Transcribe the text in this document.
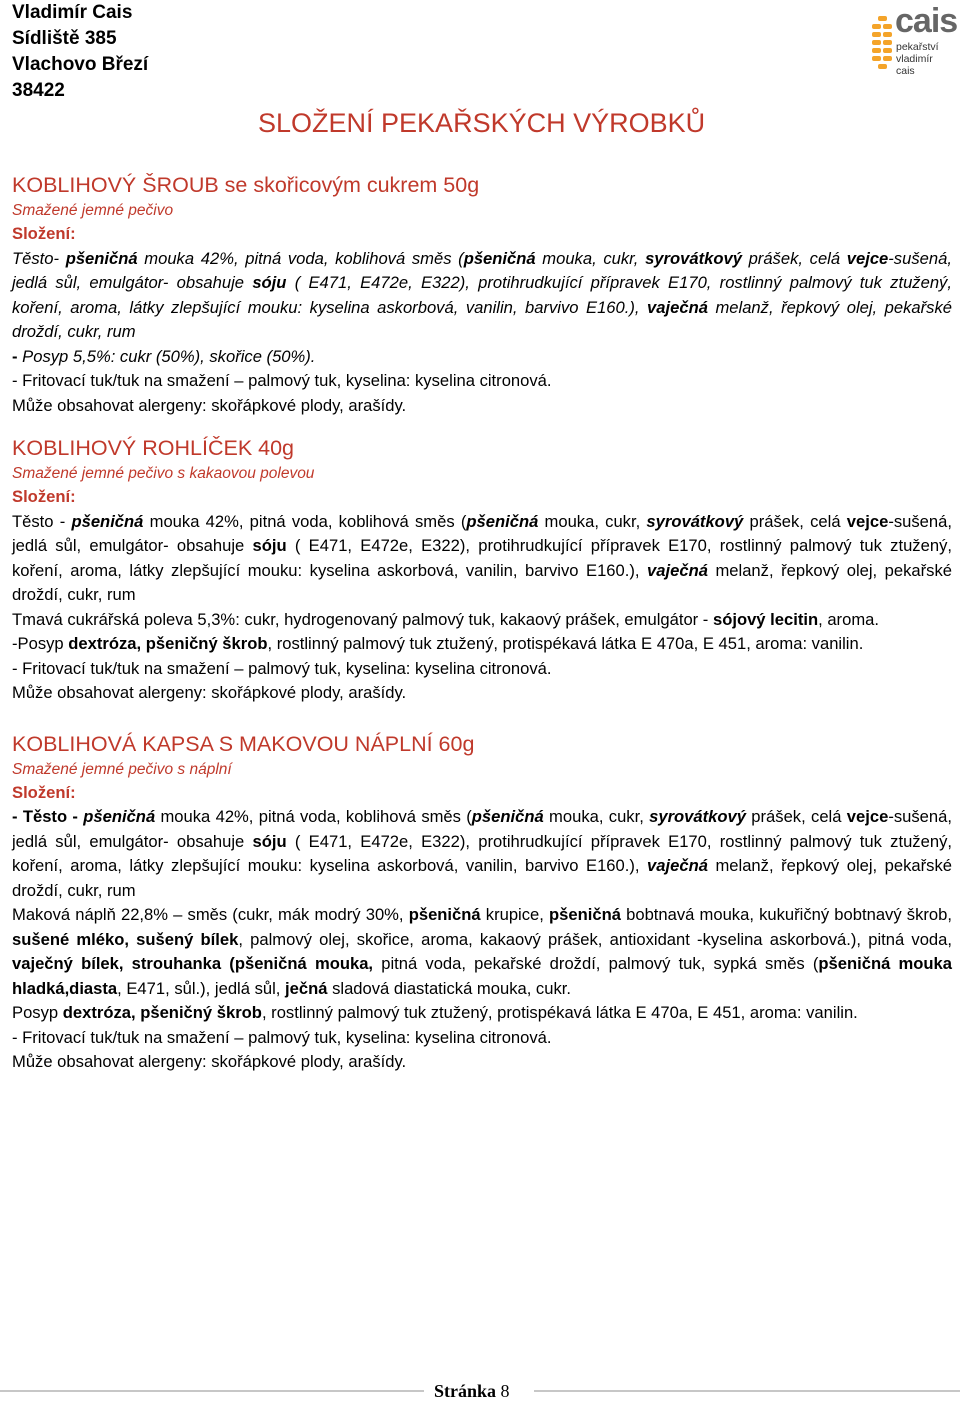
Vladimír Cais
Sídliště 385
Vlachovo Březí
38422
cais
pekařství
vladimír
cais
SLOŽENÍ PEKAŘSKÝCH VÝROBKŮ
KOBLIHOVÝ ŠROUB se skořicovým cukrem 50g
Smažené jemné pečivo
Složení:
Těsto- pšeničná mouka 42%, pitná voda, koblihová směs (pšeničná mouka, cukr, syrovátkový prášek, celá vejce-sušená, jedlá sůl, emulgátor- obsahuje sóju ( E471, E472e, E322), protihrudkující přípravek E170, rostlinný palmový tuk ztužený, koření, aroma, látky zlepšující mouku: kyselina askorbová, vanilin, barvivo E160.), vaječná melanž, řepkový olej, pekařské droždí, cukr, rum
- Posyp 5,5%: cukr (50%), skořice (50%).
- Fritovací tuk/tuk na smažení – palmový tuk, kyselina: kyselina citronová.
Může obsahovat alergeny: skořápkové plody, arašídy.
KOBLIHOVÝ ROHLÍČEK 40g
Smažené jemné pečivo s kakaovou polevou
Složení:
Těsto - pšeničná mouka 42%, pitná voda, koblihová směs (pšeničná mouka, cukr, syrovátkový prášek, celá vejce-sušená, jedlá sůl, emulgátor- obsahuje sóju ( E471, E472e, E322), protihrudkující přípravek E170, rostlinný palmový tuk ztužený, koření, aroma, látky zlepšující mouku: kyselina askorbová, vanilin, barvivo E160.), vaječná melanž, řepkový olej, pekařské droždí, cukr, rum
Tmavá cukrářská poleva 5,3%: cukr, hydrogenovaný palmový tuk, kakaový prášek, emulgátor - sójový lecitin, aroma.
-Posyp dextróza, pšeničný škrob, rostlinný palmový tuk ztužený, protispékavá látka E 470a, E 451, aroma: vanilin.
- Fritovací tuk/tuk na smažení – palmový tuk, kyselina: kyselina citronová.
Může obsahovat alergeny: skořápkové plody, arašídy.
KOBLIHOVÁ KAPSA S MAKOVOU NÁPLNÍ 60g
Smažené jemné pečivo s náplní
Složení:
- Těsto - pšeničná mouka 42%, pitná voda, koblihová směs (pšeničná mouka, cukr, syrovátkový prášek, celá vejce-sušená, jedlá sůl, emulgátor- obsahuje sóju ( E471, E472e, E322), protihrudkující přípravek E170, rostlinný palmový tuk ztužený, koření, aroma, látky zlepšující mouku: kyselina askorbová, vanilin, barvivo E160.), vaječná melanž, řepkový olej, pekařské droždí, cukr, rum
Maková náplň 22,8% – směs (cukr, mák modrý 30%, pšeničná krupice, pšeničná bobtnavá mouka, kukuřičný bobtnavý škrob, sušené mléko, sušený bílek, palmový olej, skořice, aroma, kakaový prášek, antioxidant -kyselina askorbová.), pitná voda, vaječný bílek, strouhanka (pšeničná mouka, pitná voda, pekařské droždí, palmový tuk, sypká směs (pšeničná mouka hladká,diasta, E471, sůl.), jedlá sůl, ječná sladová diastatická mouka, cukr.
Posyp dextróza, pšeničný škrob, rostlinný palmový tuk ztužený, protispékavá látka E 470a, E 451, aroma: vanilin.
- Fritovací tuk/tuk na smažení – palmový tuk, kyselina: kyselina citronová.
Může obsahovat alergeny: skořápkové plody, arašídy.
Stránka 8
